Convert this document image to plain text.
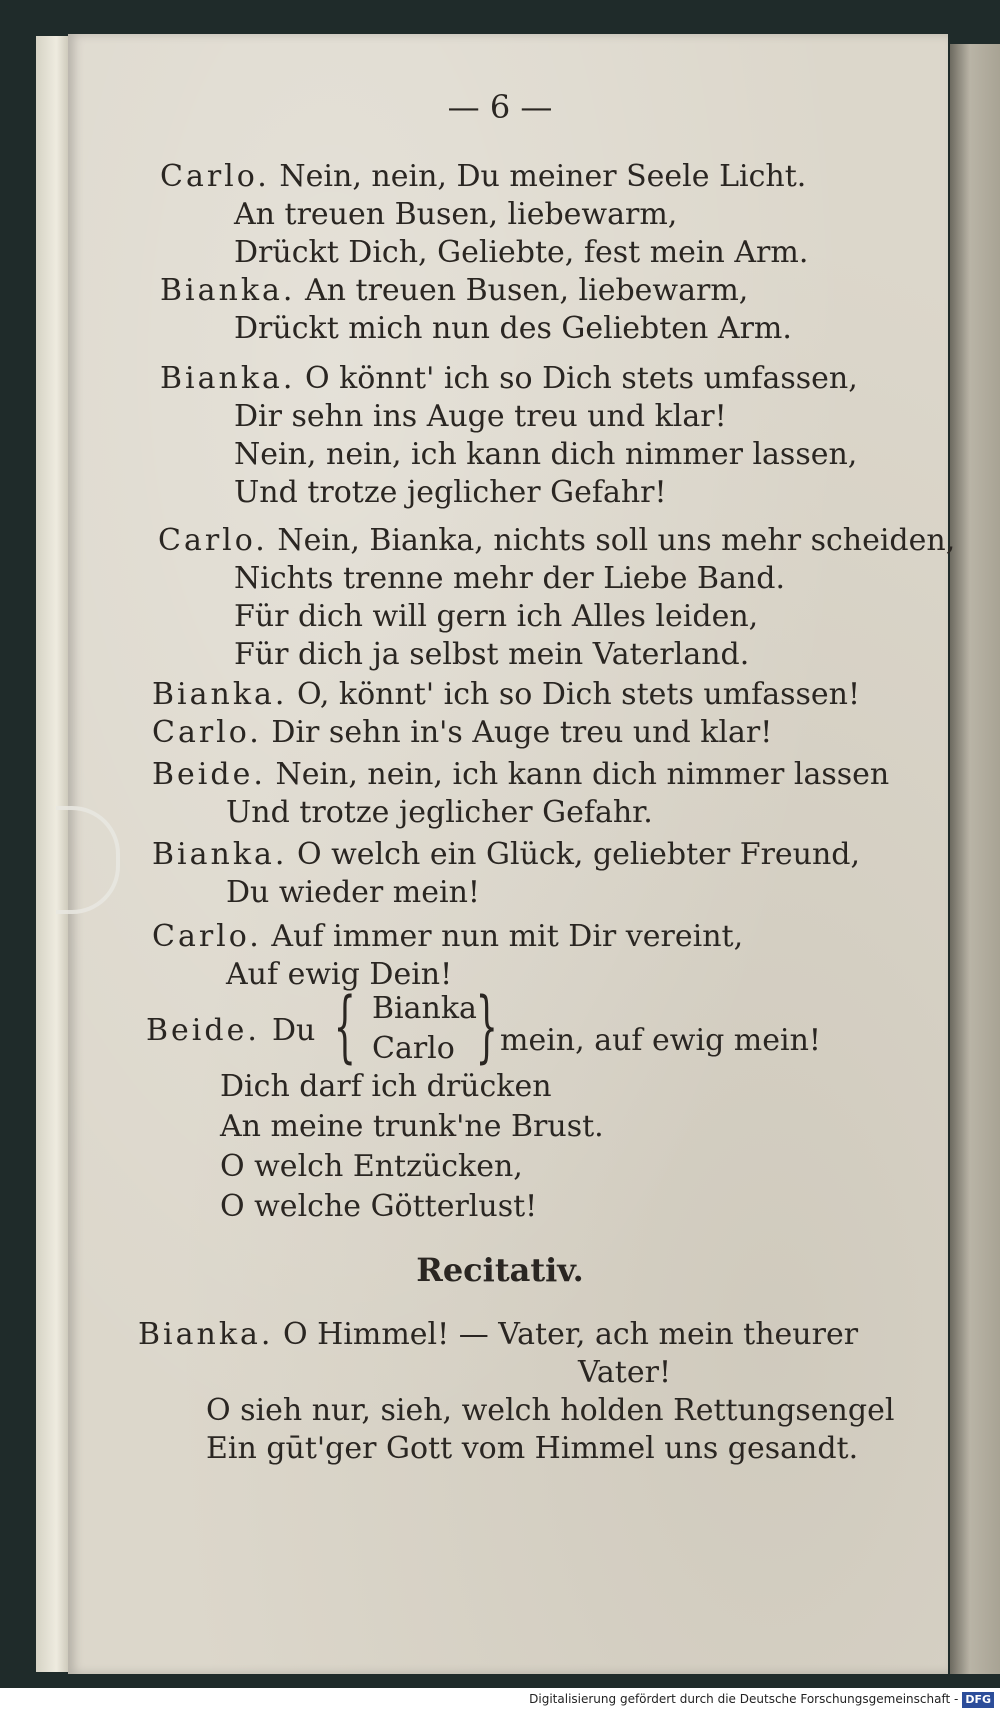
— 6 —
Carlo. Nein, nein, Du meiner Seele Licht.
An treuen Busen, liebewarm,
Drückt Dich, Geliebte, fest mein Arm.
Bianka. An treuen Busen, liebewarm,
Drückt mich nun des Geliebten Arm.
Bianka. O könnt' ich so Dich stets umfassen,
Dir sehn ins Auge treu und klar!
Nein, nein, ich kann dich nimmer lassen,
Und trotze jeglicher Gefahr!
Carlo. Nein, Bianka, nichts soll uns mehr scheiden,
Nichts trenne mehr der Liebe Band.
Für dich will gern ich Alles leiden,
Für dich ja selbst mein Vaterland.
Bianka. O, könnt' ich so Dich stets umfassen!
Carlo. Dir sehn in's Auge treu und klar!
Beide. Nein, nein, ich kann dich nimmer lassen
Und trotze jeglicher Gefahr.
Bianka. O welch ein Glück, geliebter Freund,
Du wieder mein!
Carlo. Auf immer nun mit Dir vereint,
Auf ewig Dein!
Beide. Du { Bianka
Carlo } mein, auf ewig mein!
Dich darf ich drücken
An meine trunk'ne Brust.
O welch Entzücken,
O welche Götterlust!
Recitativ.
Bianka. O Himmel! — Vater, ach mein theurer
Vater!
O sieh nur, sieh, welch holden Rettungsengel
Ein gūt'ger Gott vom Himmel uns gesandt.
Digitalisierung gefördert durch die Deutsche Forschungsgemeinschaft - DFG
